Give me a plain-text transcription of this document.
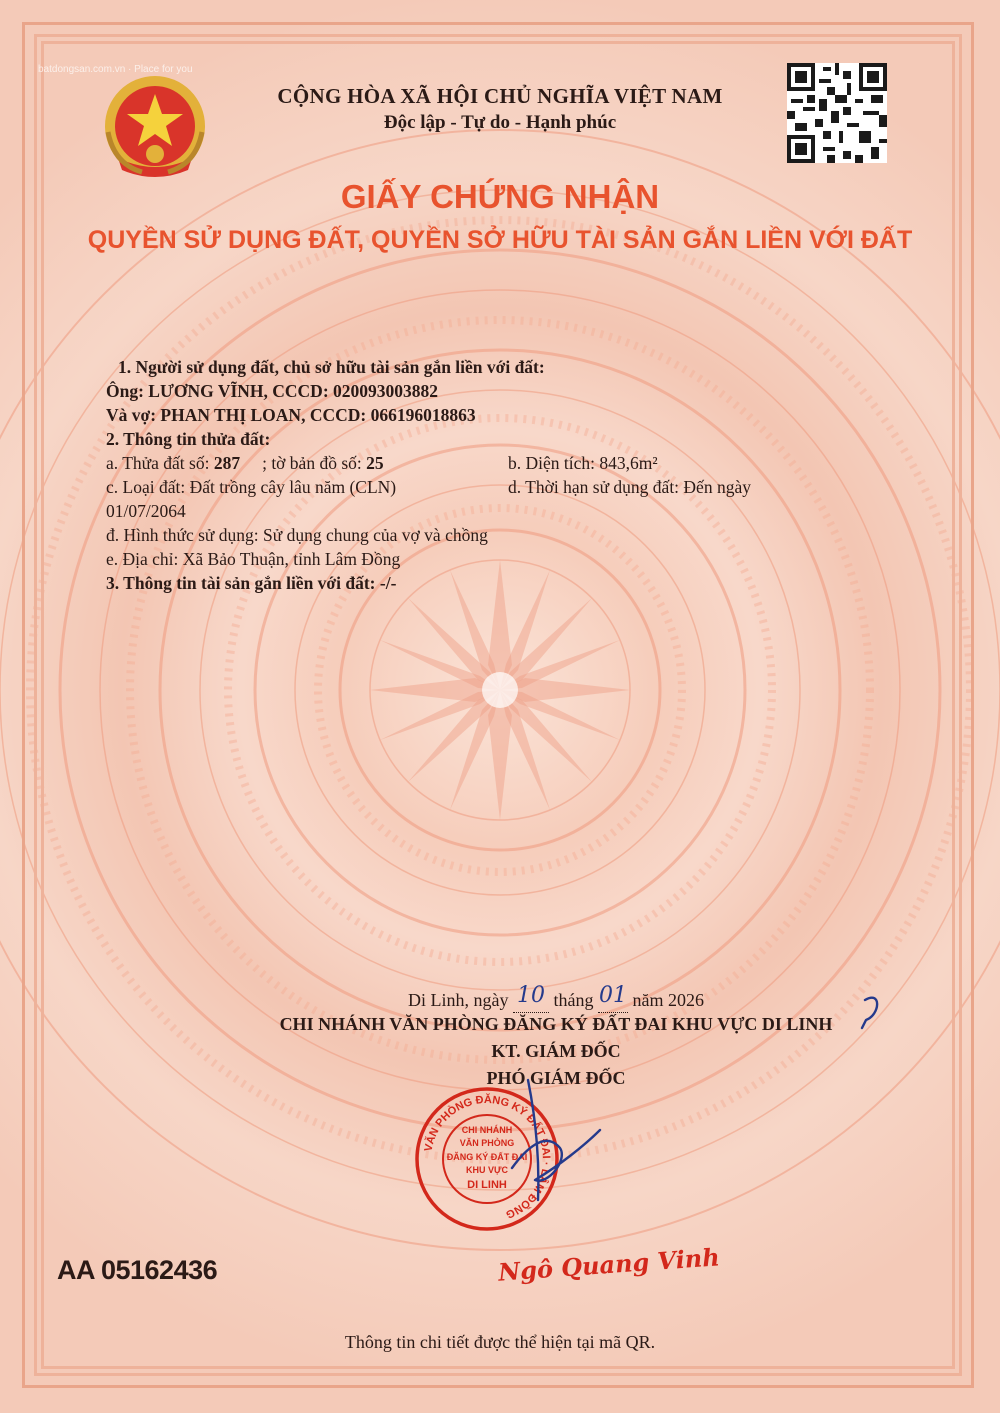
batdongsan.com.vn · Place for you
CỘNG HÒA XÃ HỘI CHỦ NGHĨA VIỆT NAM
Độc lập - Tự do - Hạnh phúc
GIẤY CHỨNG NHẬN
QUYỀN SỬ DỤNG ĐẤT, QUYỀN SỞ HỮU TÀI SẢN GẮN LIỀN VỚI ĐẤT
1. Người sử dụng đất, chủ sở hữu tài sản gắn liền với đất:
Ông: LƯƠNG VĨNH, CCCD: 020093003882
Và vợ: PHAN THỊ LOAN, CCCD: 066196018863
2. Thông tin thửa đất:
a. Thửa đất số: 287 ; tờ bản đồ số: 25	b. Diện tích: 843,6m²
c. Loại đất: Đất trồng cây lâu năm (CLN)	d. Thời hạn sử dụng đất: Đến ngày
01/07/2064
đ. Hình thức sử dụng: Sử dụng chung của vợ và chồng
e. Địa chỉ: Xã Bảo Thuận, tỉnh Lâm Đồng
3. Thông tin tài sản gắn liền với đất: -/-
Di Linh, ngày 10 tháng 01 năm 2026
CHI NHÁNH VĂN PHÒNG ĐĂNG KÝ ĐẤT ĐAI KHU VỰC DI LINH
KT. GIÁM ĐỐC
PHÓ GIÁM ĐỐC
VĂN PHÒNG ĐĂNG KÝ ĐẤT ĐAI · LÂM ĐỒNG
CHI NHÁNH
VĂN PHÒNG
ĐĂNG KÝ ĐẤT ĐAI
KHU VỰC
DI LINH
Ngô Quang Vinh
AA 05162436
Thông tin chi tiết được thể hiện tại mã QR.
